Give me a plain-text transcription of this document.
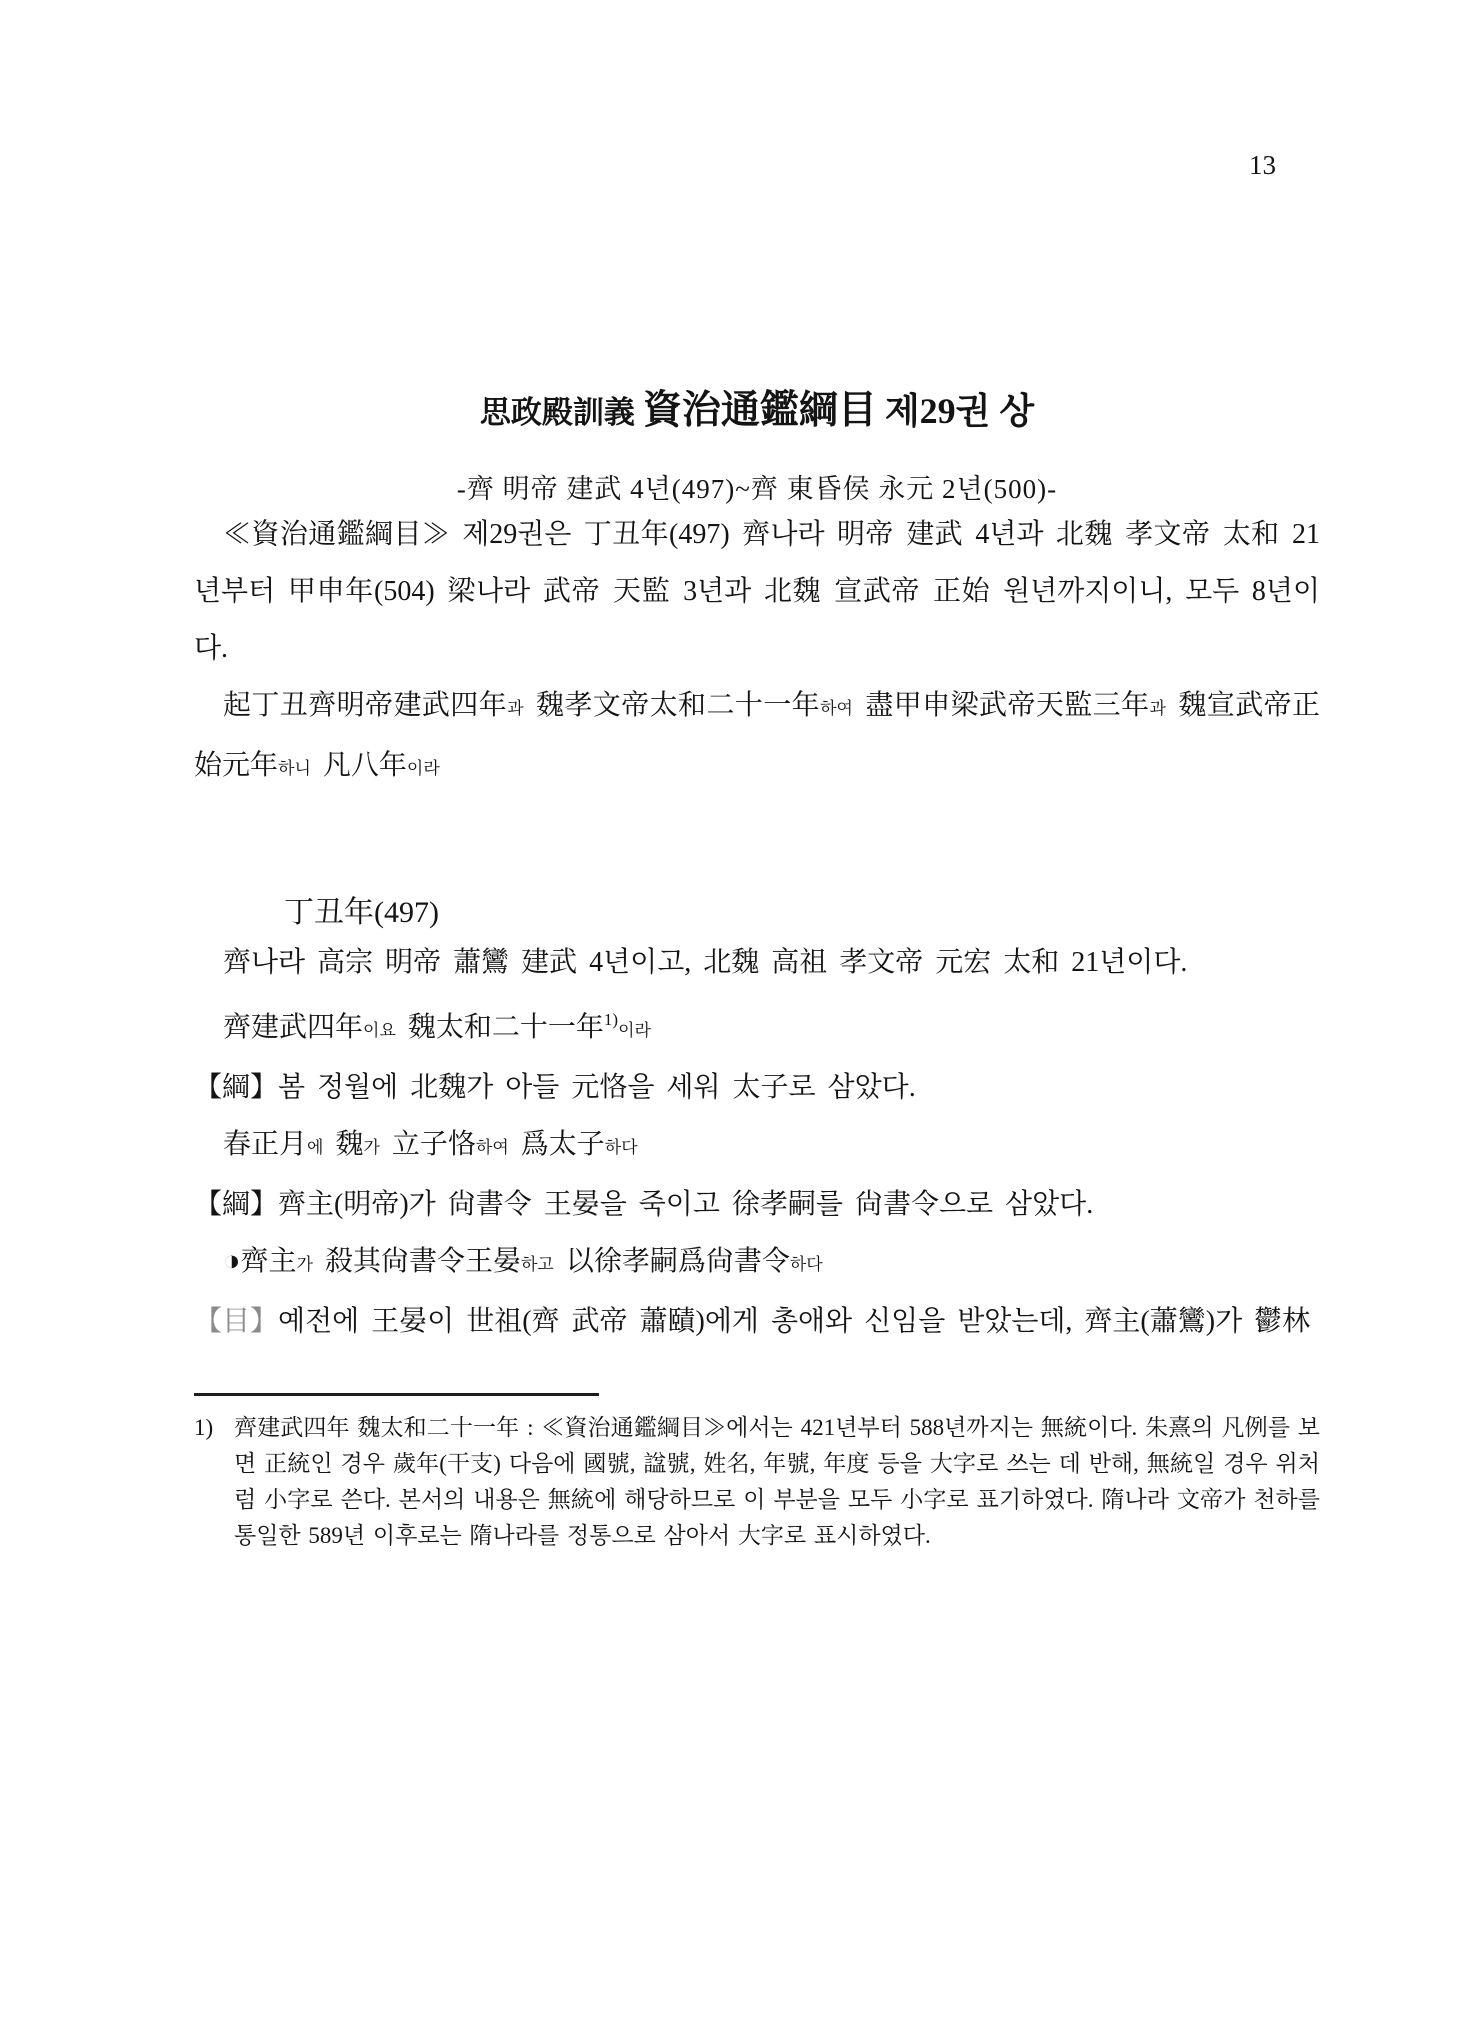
13
思政殿訓義 資治通鑑綱目 제29권 상
-齊 明帝 建武 4년(497)~齊 東昏侯 永元 2년(500)-

≪資治通鑑綱目≫ 제29권은 丁丑年(497) 齊나라 明帝 建武 4년과 北魏 孝文帝 太和 21년부터 甲申年(504) 梁나라 武帝 天監 3년과 北魏 宣武帝 正始 원년까지이니, 모두 8년이다.

起丁丑齊明帝建武四年과 魏孝文帝太和二十一年하여 盡甲申梁武帝天監三年과 魏宣武帝正始元年하니 凡八年이라

丁丑年(497)

齊나라 高宗 明帝 蕭鸞 建武 4년이고, 北魏 高祖 孝文帝 元宏 太和 21년이다.

齊建武四年이요 魏太和二十一年$^{1)}$이라

【綱】봄 정월에 北魏가 아들 元恪을 세워 太子로 삼았다.

春正月에 魏가 立子恪하여 爲太子하다

【綱】齊主(明帝)가 尙書令 王晏을 죽이고 徐孝嗣를 尙書令으로 삼았다.

◑齊主가 殺其尙書令王晏하고 以徐孝嗣爲尙書令하다

【目】예전에 王晏이 世祖(齊 武帝 蕭賾)에게 총애와 신임을 받았는데, 齊主(蕭鸞)가 鬱林

1) 齊建武四年 魏太和二十一年 : ≪資治通鑑綱目≫에서는 421년부터 588년까지는 無統이다. 朱熹의 凡例를 보면 正統인 경우 歲年(干支) 다음에 國號, 諡號, 姓名, 年號, 年度 등을 大字로 쓰는 데 반해, 無統일 경우 위처럼 小字로 쓴다. 본서의 내용은 無統에 해당하므로 이 부분을 모두 小字로 표기하였다. 隋나라 文帝가 천하를 통일한 589년 이후로는 隋나라를 정통으로 삼아서 大字로 표시하였다.
